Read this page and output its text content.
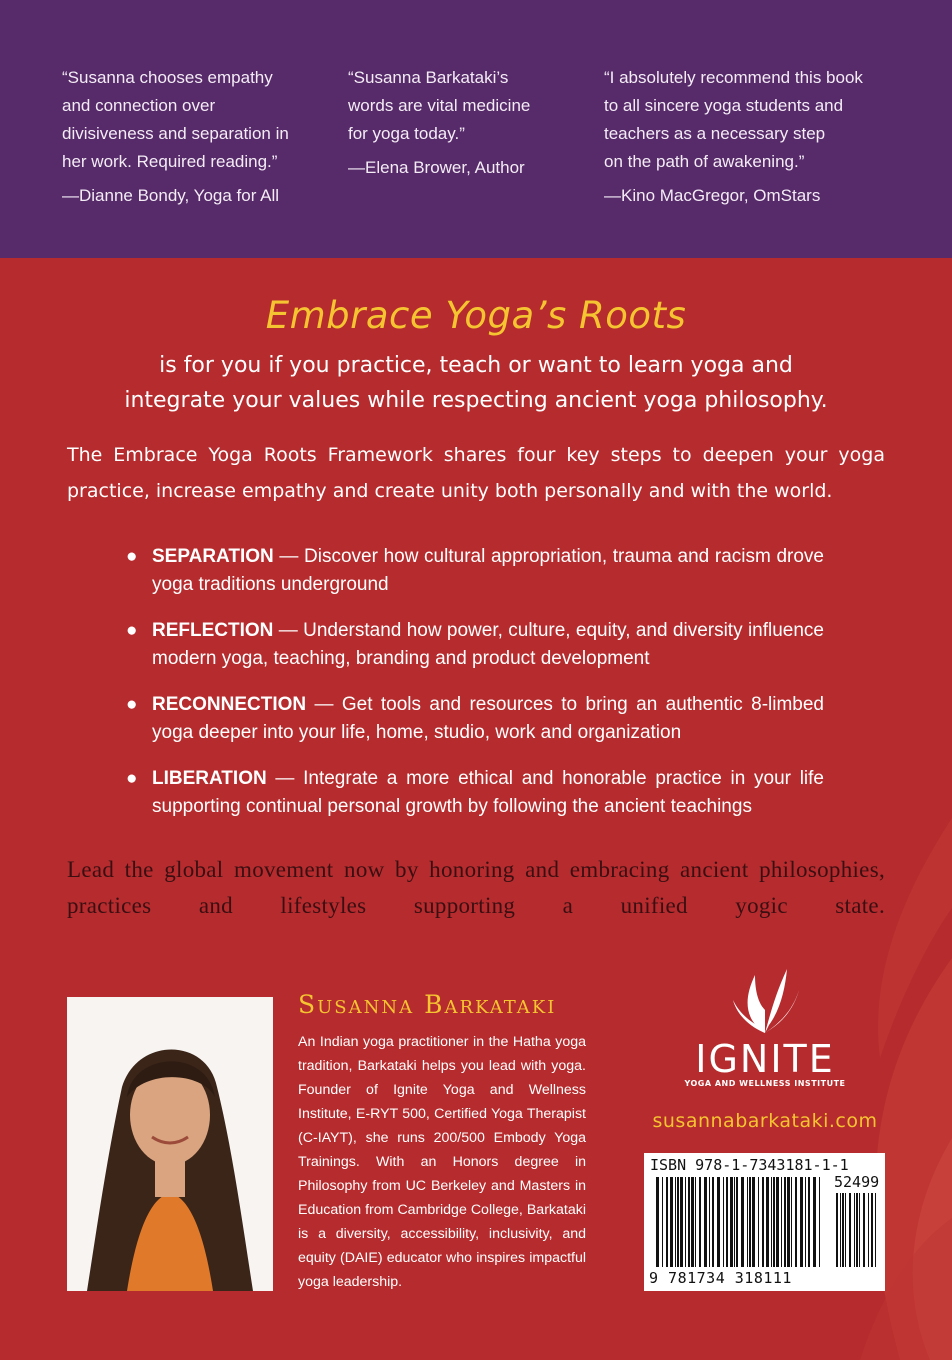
“Susanna chooses empathy
and connection over
divisiveness and separation in
her work. Required reading.”
—Dianne Bondy, Yoga for All
“Susanna Barkataki’s
words are vital medicine
for yoga today.”
—Elena Brower, Author
“I absolutely recommend this book
to all sincere yoga students and
teachers as a necessary step
on the path of awakening.”
—Kino MacGregor, OmStars
Embrace Yoga’s Roots
is for you if you practice, teach or want to learn yoga and
integrate your values while respecting ancient yoga philosophy.
The Embrace Yoga Roots Framework shares four key steps to deepen your yoga practice, increase empathy and create unity both personally and with the world.
● SEPARATION — Discover how cultural appropriation, trauma and racism drove yoga traditions underground
● REFLECTION — Understand how power, culture, equity, and diversity influence modern yoga, teaching, branding and product development
● RECONNECTION — Get tools and resources to bring an authentic 8-limbed yoga deeper into your life, home, studio, work and organization
● LIBERATION — Integrate a more ethical and honorable practice in your life supporting continual personal growth by following the ancient teachings
Lead the global movement now by honoring and embracing ancient philosophies, practices and lifestyles supporting a unified yogic state.
Susanna Barkataki
An Indian yoga practitioner in the Hatha yoga tradition, Barkataki helps you lead with yoga. Founder of Ignite Yoga and Wellness Institute, E-RYT 500, Certified Yoga Therapist (C-IAYT), she runs 200/500 Embody Yoga Trainings. With an Honors degree in Philosophy from UC Berkeley and Masters in Education from Cambridge College, Barkataki is a diversity, accessibility, inclusivity, and equity (DAIE) educator who inspires impactful yoga leadership.
IGNITE
YOGA AND WELLNESS INSTITUTE
susannabarkataki.com
ISBN 978-1-7343181-1-1
52499
9 781734 318111
